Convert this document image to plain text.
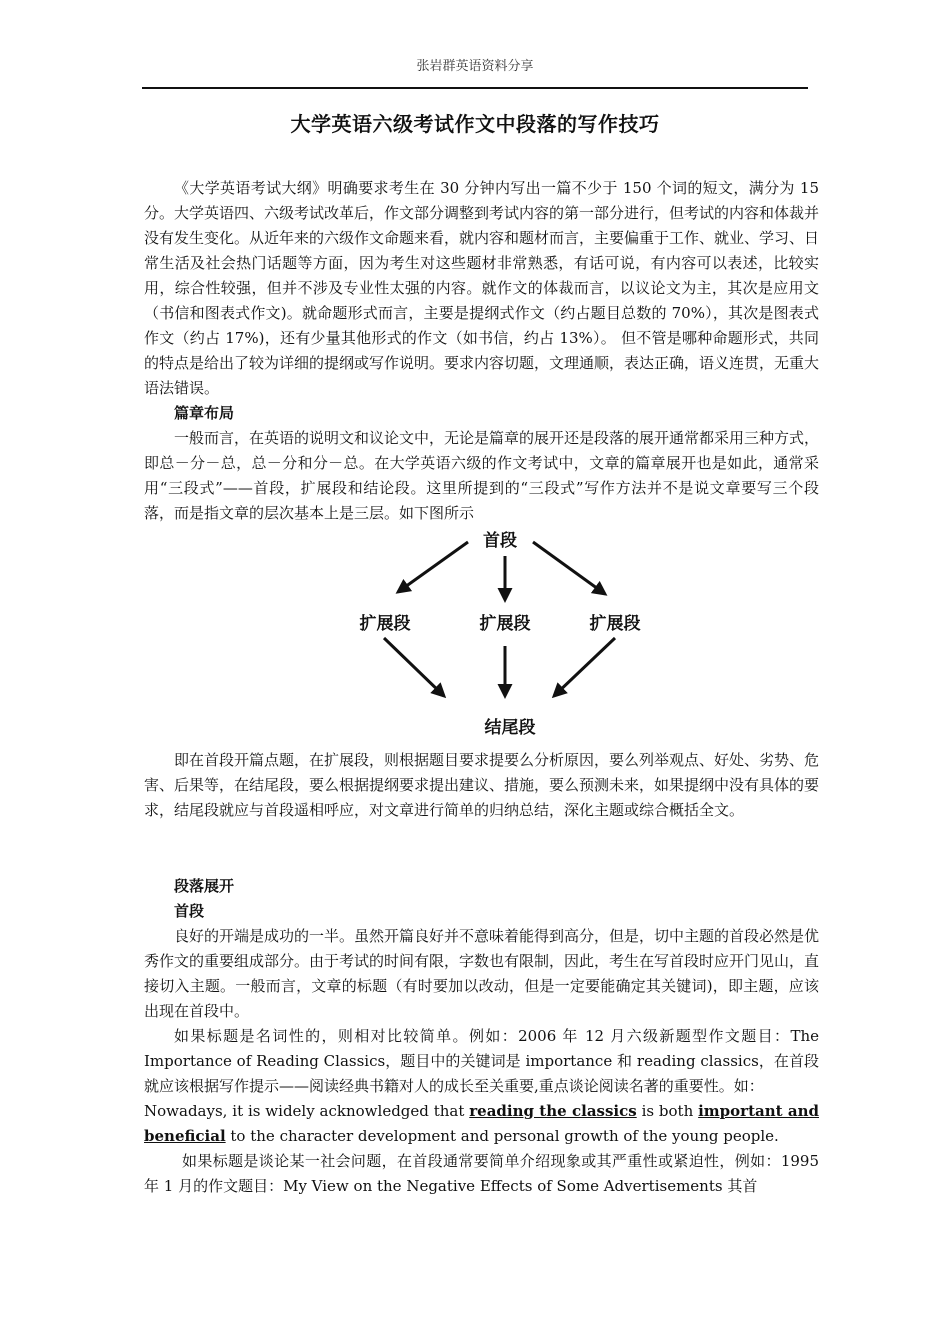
张岩群英语资料分享
大学英语六级考试作文中段落的写作技巧

《大学英语考试大纲》明确要求考生在 30 分钟内写出一篇不少于 150 个词的短文，满分为 15 分。大学英语四、六级考试改革后，作文部分调整到考试内容的第一部分进行，但考试的内容和体裁并没有发生变化。从近年来的六级作文命题来看，就内容和题材而言，主要偏重于工作、就业、学习、日常生活及社会热门话题等方面，因为考生对这些题材非常熟悉，有话可说，有内容可以表述，比较实用，综合性较强，但并不涉及专业性太强的内容。就作文的体裁而言，以议论文为主，其次是应用文（书信和图表式作文)。就命题形式而言，主要是提纲式作文（约占题目总数的 70%），其次是图表式作文（约占 17%)，还有少量其他形式的作文（如书信，约占 13%）。 但不管是哪种命题形式，共同的特点是给出了较为详细的提纲或写作说明。要求内容切题，文理通顺，表达正确，语义连贯，无重大语法错误。

篇章布局

一般而言，在英语的说明文和议论文中，无论是篇章的展开还是段落的展开通常都采用三种方式，即总－分－总，总－分和分－总。在大学英语六级的作文考试中，文章的篇章展开也是如此，通常采用“三段式”——首段，扩展段和结论段。这里所提到的“三段式”写作方法并不是说文章要写三个段落，而是指文章的层次基本上是三层。如下图所示

首段
扩展段	扩展段	扩展段
结尾段

即在首段开篇点题，在扩展段，则根据题目要求提要么分析原因，要么列举观点、好处、劣势、危害、后果等，在结尾段，要么根据提纲要求提出建议、措施，要么预测未来，如果提纲中没有具体的要求，结尾段就应与首段遥相呼应，对文章进行简单的归纳总结，深化主题或综合概括全文。

段落展开

首段

良好的开端是成功的一半。虽然开篇良好并不意味着能得到高分，但是，切中主题的首段必然是优秀作文的重要组成部分。由于考试的时间有限，字数也有限制，因此，考生在写首段时应开门见山，直接切入主题。一般而言，文章的标题（有时要加以改动，但是一定要能确定其关键词)，即主题，应该出现在首段中。

如果标题是名词性的，则相对比较简单。例如：2006 年 12 月六级新题型作文题目：The Importance of Reading Classics，题目中的关键词是 importance 和 reading classics，在首段就应该根据写作提示——阅读经典书籍对人的成长至关重要,重点谈论阅读名著的重要性。如：

Nowadays, it is widely acknowledged that reading the classics is both important and beneficial to the character development and personal growth of the young people.

如果标题是谈论某一社会问题，在首段通常要简单介绍现象或其严重性或紧迫性，例如：1995 年 1 月的作文题目：My View on the Negative Effects of Some Advertisements 其首
